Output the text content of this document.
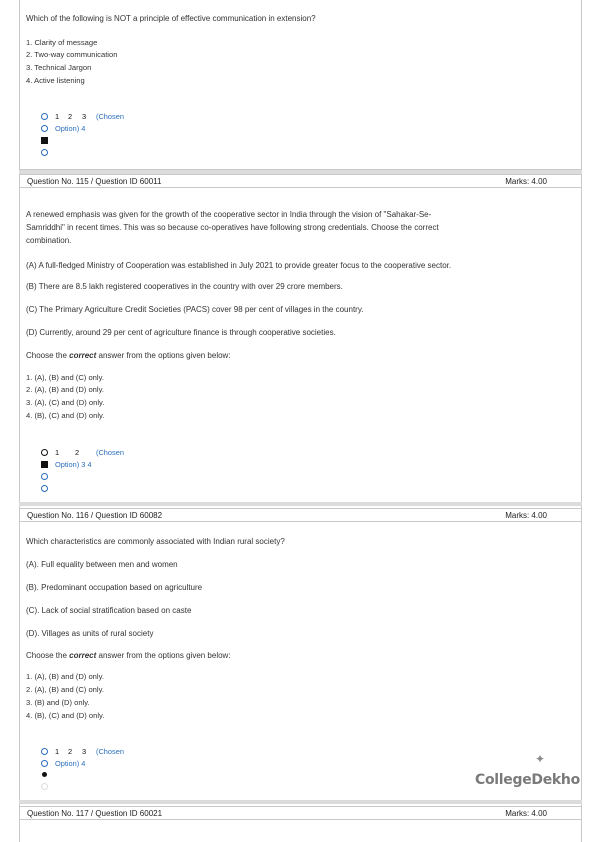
Which of the following is NOT a principle of effective communication in extension?
1. Clarity of message
2. Two-way communication
3. Technical Jargon
4. Active listening
1 2 3 (Chosen
Option) 4
Question No. 115 / Question ID 60011	Marks: 4.00
A renewed emphasis was given for the growth of the cooperative sector in India through the vision of "Sahakar-Se-
Samriddhi" in recent times. This was so because co-operatives have following strong credentials. Choose the correct
combination.
(A) A full-fledged Ministry of Cooperation was established in July 2021 to provide greater focus to the cooperative sector.
(B) There are 8.5 lakh registered cooperatives in the country with over 29 crore members.
(C) The Primary Agriculture Credit Societies (PACS) cover 98 per cent of villages in the country.
(D) Currently, around 29 per cent of agriculture finance is through cooperative societies.
Choose the correct answer from the options given below:
1. (A), (B) and (C) only.
2. (A), (B) and (D) only.
3. (A), (C) and (D) only.
4. (B), (C) and (D) only.
1 2 (Chosen
Option) 3 4
Question No. 116 / Question ID 60082	Marks: 4.00
Which characteristics are commonly associated with Indian rural society?
(A). Full equality between men and women
(B). Predominant occupation based on agriculture
(C). Lack of social stratification based on caste
(D). Villages as units of rural society
Choose the correct answer from the options given below:
1. (A), (B) and (D) only.
2. (A), (B) and (C) only.
3. (B) and (D) only.
4. (B), (C) and (D) only.
1 2 3 (Chosen
Option) 4	✦
CollegeDekho
Question No. 117 / Question ID 60021	Marks: 4.00
